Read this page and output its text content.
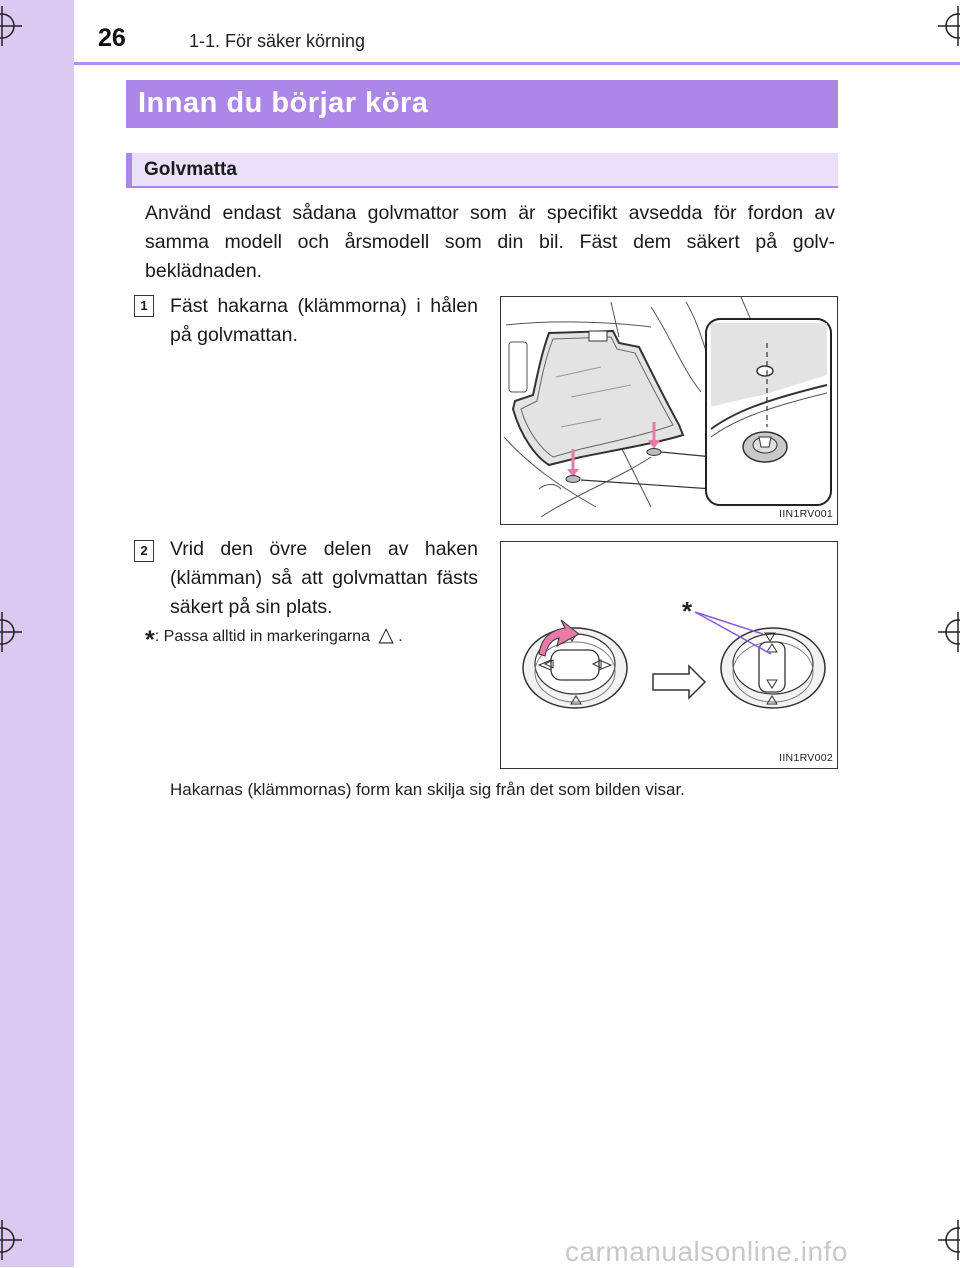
26	1-1. För säker körning
Innan du börjar köra
Golvmatta
Använd endast sådana golvmattor som är specifikt avsedda för fordon av samma modell och årsmodell som din bil. Fäst dem säkert på golv-beklädnaden.
1	Fäst hakarna (klämmorna) i hålen på golvmattan.
IIN1RV001
2	Vrid den övre delen av haken (klämman) så att golvmattan fästs säkert på sin plats.
*: Passa alltid in markeringarna △ .
*
IIN1RV002
Hakarnas (klämmornas) form kan skilja sig från det som bilden visar.
carmanualsonline.info
